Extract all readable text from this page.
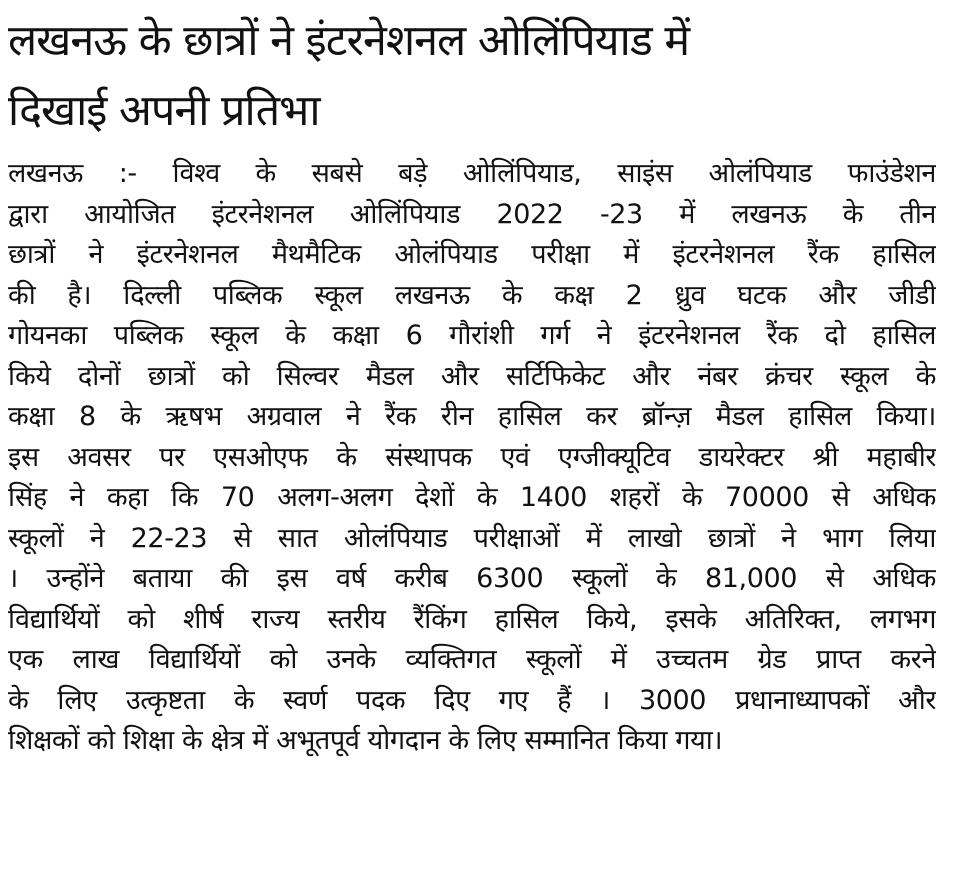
लखनऊ के छात्रों ने इंटरनेशनल ओलिंपियाड में
दिखाई अपनी प्रतिभा
लखनऊ :- विश्व के सबसे बड़े ओलिंपियाड, साइंस ओलंपियाड फाउंडेशन
द्वारा आयोजित इंटरनेशनल ओलिंपियाड 2022 -23 में लखनऊ के तीन
छात्रों ने इंटरनेशनल मैथमैटिक ओलंपियाड परीक्षा में इंटरनेशनल रैंक हासिल
की है। दिल्ली पब्लिक स्कूल लखनऊ के कक्ष 2 ध्रुव घटक और जीडी
गोयनका पब्लिक स्कूल के कक्षा 6 गौरांशी गर्ग ने इंटरनेशनल रैंक दो हासिल
किये दोनों छात्रों को सिल्वर मैडल और सर्टिफिकेट और नंबर क्रंचर स्कूल के
कक्षा 8 के ऋषभ अग्रवाल ने रैंक रीन हासिल कर ब्रॉन्ज़ मैडल हासिल किया।
इस अवसर पर एसओएफ के संस्थापक एवं एग्जीक्यूटिव डायरेक्टर श्री महाबीर
सिंह ने कहा कि 70 अलग-अलग देशों के 1400 शहरों के 70000 से अधिक
स्कूलों ने 22-23 से सात ओलंपियाड परीक्षाओं में लाखो छात्रों ने भाग लिया
। उन्होंने बताया की इस वर्ष करीब 6300 स्कूलों के 81,000 से अधिक
विद्यार्थियों को शीर्ष राज्य स्तरीय रैंकिंग हासिल किये, इसके अतिरिक्त, लगभग
एक लाख विद्यार्थियों को उनके व्यक्तिगत स्कूलों में उच्चतम ग्रेड प्राप्त करने
के लिए उत्कृष्टता के स्वर्ण पदक दिए गए हैं । 3000 प्रधानाध्यापकों और
शिक्षकों को शिक्षा के क्षेत्र में अभूतपूर्व योगदान के लिए सम्मानित किया गया।
